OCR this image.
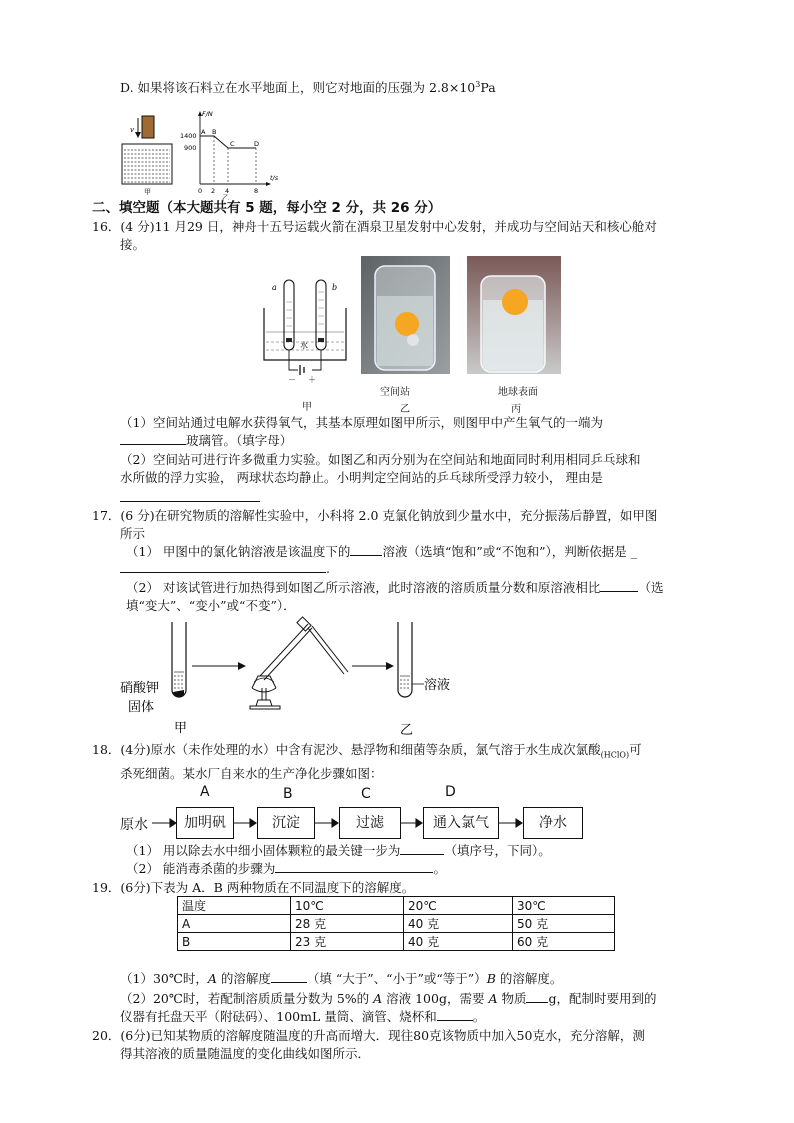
D. 如果将该石料立在水平地面上，则它对地面的压强为 $2.8\times 10^3Pa$
v
甲
F/N
t/s
1400
900
0 2 4	8
A B
C	D
乙
二、填空题（本大题共有 5 题，每小空 2 分，共 26 分）
16．(4 分)11 月29 日，神舟十五号运载火箭在酒泉卫星发射中心发射，并成功与空间站天和核心舱对
接。
a	b
水
－ ＋
空间站	地球表面
甲	乙	丙
（1）空间站通过电解水获得氧气，其基本原理如图甲所示，则图甲中产生氧气的一端为
玻璃管。（填字母）
（2）空间站可进行许多微重力实验。如图乙和丙分别为在空间站和地面同时利用相同乒乓球和
水所做的浮力实验， 两球状态均静止。小明判定空间站的乒乓球所受浮力较小， 理由是
17．(6 分)在研究物质的溶解性实验中，小科将 2.0 克氯化钠放到少量水中，充分振荡后静置，如甲图
所示
（1） 甲图中的氯化钠溶液是该温度下的	溶液（选填“饱和”或“不饱和”），判断依据是 _
.
（2） 对该试管进行加热得到如图乙所示溶液，此时溶液的溶质质量分数和原溶液相比	（选
填“变大”、“变小”或“不变”）．
硝酸钾
固体
甲
溶液
乙
18．(4分)原水（未作处理的水）中含有泥沙、悬浮物和细菌等杂质，氯气溶于水生成次氯酸$_{(HClO)}$可
杀死细菌。某水厂自来水的生产净化步骤如图：
A	B	C	D
原水	加明矾	沉淀	过滤	通入氯气	净水
（1） 用以除去水中细小固体颗粒的最关键一步为	（填序号，下同）。
（2） 能消毒杀菌的步骤为	。
19．(6分)下表为 A．B 两种物质在不同温度下的溶解度。
温度	10℃	20℃	30℃
A	28 克	40 克	50 克
B	23 克	40 克	60 克
（1）30℃时，A 的溶解度	（填 “大于”、“小于”或“等于”）B 的溶解度。
（2）20℃时，若配制溶质质量分数为 5%的 A 溶液 100g，需要 A 物质 g，配制时要用到的
仪器有托盘天平（附砝码）、100mL 量筒、滴管、烧杯和	。
20．(6分)已知某物质的溶解度随温度的升高而增大．现往80克该物质中加入50克水，充分溶解，测
得其溶液的质量随温度的变化曲线如图所示．
